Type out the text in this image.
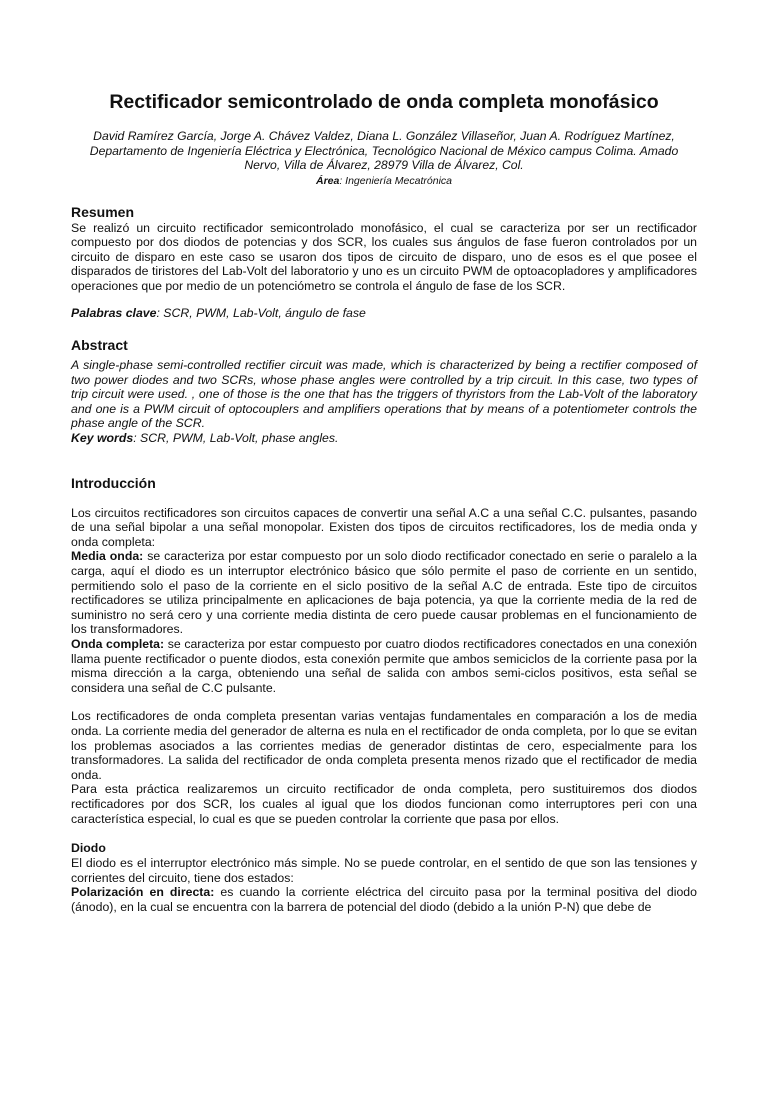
Rectificador semicontrolado de onda completa monofásico
David Ramírez García, Jorge A. Chávez Valdez, Diana L. González Villaseñor, Juan A. Rodríguez Martínez, Departamento de Ingeniería Eléctrica y Electrónica, Tecnológico Nacional de México campus Colima. Amado Nervo, Villa de Álvarez, 28979 Villa de Álvarez, Col.
Área: Ingeniería Mecatrónica
Resumen

Se realizó un circuito rectificador semicontrolado monofásico, el cual se caracteriza por ser un rectificador compuesto por dos diodos de potencias y dos SCR, los cuales sus ángulos de fase fueron controlados por un circuito de disparo en este caso se usaron dos tipos de circuito de disparo, uno de esos es el que posee el disparados de tiristores del Lab-Volt del laboratorio y uno es un circuito PWM de optoacopladores y amplificadores operaciones que por medio de un potenciómetro se controla el ángulo de fase de los SCR.

Palabras clave: SCR, PWM, Lab-Volt, ángulo de fase

Abstract

A single-phase semi-controlled rectifier circuit was made, which is characterized by being a rectifier composed of two power diodes and two SCRs, whose phase angles were controlled by a trip circuit. In this case, two types of trip circuit were used. , one of those is the one that has the triggers of thyristors from the Lab-Volt of the laboratory and one is a PWM circuit of optocouplers and amplifiers operations that by means of a potentiometer controls the phase angle of the SCR.

Key words: SCR, PWM, Lab-Volt, phase angles.

Introducción

Los circuitos rectificadores son circuitos capaces de convertir una señal A.C a una señal C.C. pulsantes, pasando de una señal bipolar a una señal monopolar. Existen dos tipos de circuitos rectificadores, los de media onda y onda completa:

Media onda: se caracteriza por estar compuesto por un solo diodo rectificador conectado en serie o paralelo a la carga, aquí el diodo es un interruptor electrónico básico que sólo permite el paso de corriente en un sentido, permitiendo solo el paso de la corriente en el siclo positivo de la señal A.C de entrada. Este tipo de circuitos rectificadores se utiliza principalmente en aplicaciones de baja potencia, ya que la corriente media de la red de suministro no será cero y una corriente media distinta de cero puede causar problemas en el funcionamiento de los transformadores.

Onda completa: se caracteriza por estar compuesto por cuatro diodos rectificadores conectados en una conexión llama puente rectificador o puente diodos, esta conexión permite que ambos semiciclos de la corriente pasa por la misma dirección a la carga, obteniendo una señal de salida con ambos semi-ciclos positivos, esta señal se considera una señal de C.C pulsante.

Los rectificadores de onda completa presentan varias ventajas fundamentales en comparación a los de media onda. La corriente media del generador de alterna es nula en el rectificador de onda completa, por lo que se evitan los problemas asociados a las corrientes medias de generador distintas de cero, especialmente para los transformadores. La salida del rectificador de onda completa presenta menos rizado que el rectificador de media onda.

Para esta práctica realizaremos un circuito rectificador de onda completa, pero sustituiremos dos diodos rectificadores por dos SCR, los cuales al igual que los diodos funcionan como interruptores peri con una característica especial, lo cual es que se pueden controlar la corriente que pasa por ellos.

Diodo

El diodo es el interruptor electrónico más simple. No se puede controlar, en el sentido de que son las tensiones y corrientes del circuito, tiene dos estados:

Polarización en directa: es cuando la corriente eléctrica del circuito pasa por la terminal positiva del diodo (ánodo), en la cual se encuentra con la barrera de potencial del diodo (debido a la unión P-N) que debe de
